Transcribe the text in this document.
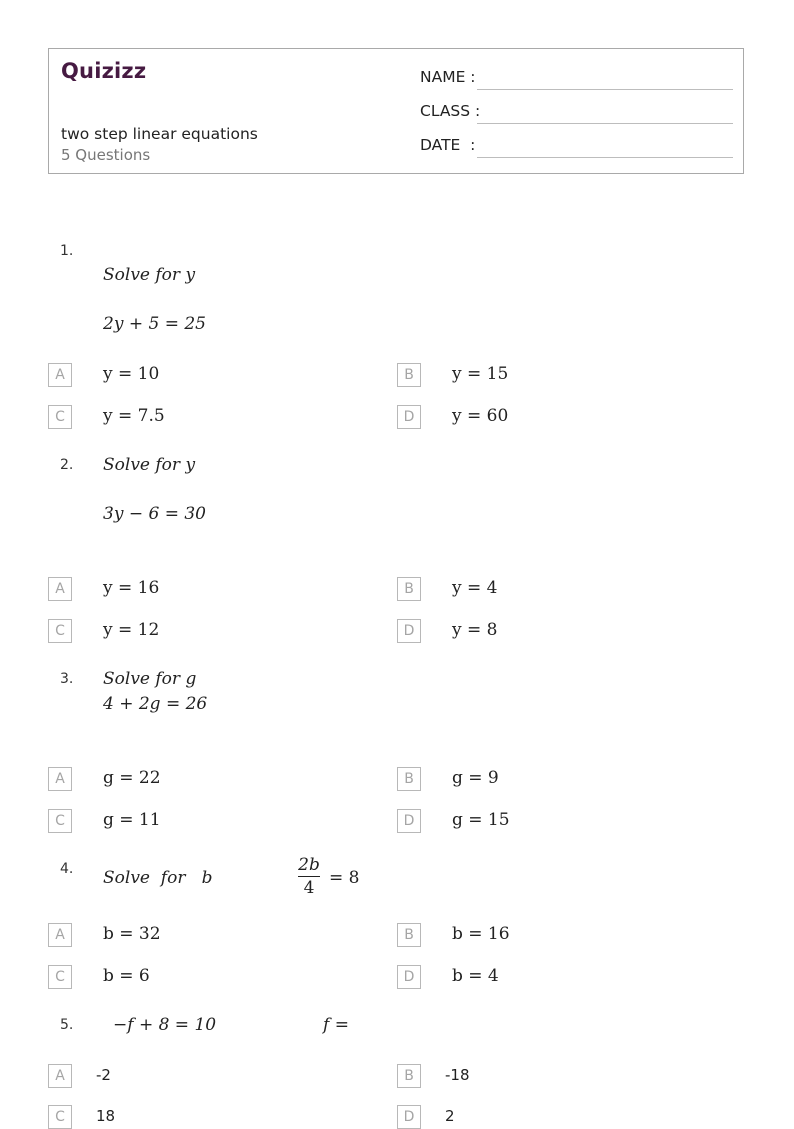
Quizizz
two step linear equations
5 Questions
NAME :
CLASS :
DATE  :
1.
Solve for y
2y + 5 = 25
A	y = 10	B	y = 15
C	y = 7.5	D	y = 60
2. Solve for y
3y − 6 = 30
A	y = 16	B	y = 4
C	y = 12	D	y = 8
3. Solve for g
4 + 2g = 26
A	g = 22	B	g = 9
C	g = 11	D	g = 15
4. Solve  for   b
2b
4 = 8
A	b = 32	B	b = 16
C	b = 6	D	b = 4
5. −f + 8 = 10	f =
A	-2	B	-18
C	18	D	2
